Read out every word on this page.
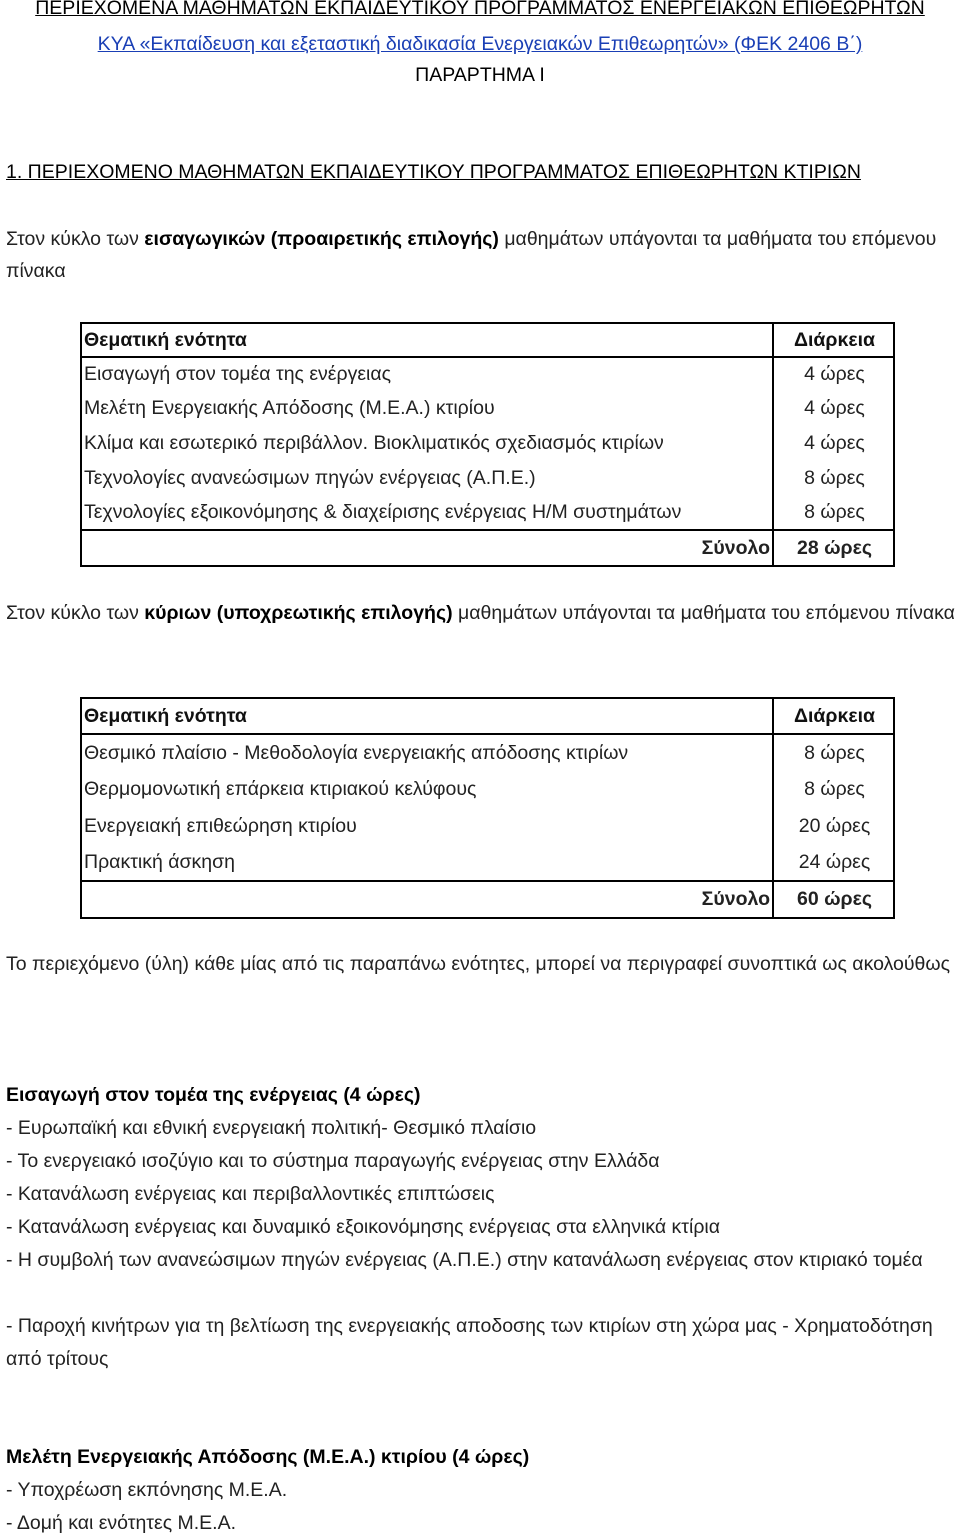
ΠΕΡΙΕΧΟΜΕΝΑ ΜΑΘΗΜΑΤΩΝ ΕΚΠΑΙΔΕΥΤΙΚΟΥ ΠΡΟΓΡΑΜΜΑΤΟΣ ΕΝΕΡΓΕΙΑΚΩΝ ΕΠΙΘΕΩΡΗΤΩΝ
ΚΥΑ «Εκπαίδευση και εξεταστική διαδικασία Ενεργειακών Επιθεωρητών» (ΦΕΚ 2406 Β΄)
ΠΑΡΑΡΤΗΜΑ Ι
1. ΠΕΡΙΕΧΟΜΕΝΟ ΜΑΘΗΜΑΤΩΝ ΕΚΠΑΙΔΕΥΤΙΚΟΥ ΠΡΟΓΡΑΜΜΑΤΟΣ ΕΠΙΘΕΩΡΗΤΩΝ ΚΤΙΡΙΩΝ
Στον κύκλο των εισαγωγικών (προαιρετικής επιλογής) μαθημάτων υπάγονται τα μαθήματα του επόμενου πίνακα
Θεματική ενότητα	Διάρκεια
Εισαγωγή στον τομέα της ενέργειας	4 ώρες
Μελέτη Ενεργειακής Απόδοσης (Μ.Ε.Α.) κτιρίου	4 ώρες
Κλίμα και εσωτερικό περιβάλλον. Βιοκλιματικός σχεδιασμός κτιρίων	4 ώρες
Τεχνολογίες ανανεώσιμων πηγών ενέργειας (Α.Π.Ε.)	8 ώρες
Τεχνολογίες εξοικονόμησης & διαχείρισης ενέργειας Η/Μ συστημάτων	8 ώρες
Σύνολο	28 ώρες
Στον κύκλο των κύριων (υποχρεωτικής επιλογής) μαθημάτων υπάγονται τα μαθήματα του επόμενου πίνακα
Θεματική ενότητα	Διάρκεια
Θεσμικό πλαίσιο - Μεθοδολογία ενεργειακής απόδοσης κτιρίων	8 ώρες
Θερμομονωτική επάρκεια κτιριακού κελύφους	8 ώρες
Ενεργειακή επιθεώρηση κτιρίου	20 ώρες
Πρακτική άσκηση	24 ώρες
Σύνολο	60 ώρες
Το περιεχόμενο (ύλη) κάθε μίας από τις παραπάνω ενότητες, μπορεί να περιγραφεί συνοπτικά ως ακολούθως
Εισαγωγή στον τομέα της ενέργειας (4 ώρες)
- Ευρωπαϊκή και εθνική ενεργειακή πολιτική- Θεσμικό πλαίσιο
- Το ενεργειακό ισοζύγιο και το σύστημα παραγωγής ενέργειας στην Ελλάδα
- Κατανάλωση ενέργειας και περιβαλλοντικές επιπτώσεις
- Κατανάλωση ενέργειας και δυναμικό εξοικονόμησης ενέργειας στα ελληνικά κτίρια
- Η συμβολή των ανανεώσιμων πηγών ενέργειας (Α.Π.Ε.) στην κατανάλωση ενέργειας στον κτιριακό τομέα
- Παροχή κινήτρων για τη βελτίωση της ενεργειακής αποδοσης των κτιρίων στη χώρα μας - Χρηματοδότηση από τρίτους
Μελέτη Ενεργειακής Απόδοσης (Μ.Ε.Α.) κτιρίου (4 ώρες)
- Υποχρέωση εκπόνησης Μ.Ε.Α.
- Δομή και ενότητες Μ.Ε.Α.
